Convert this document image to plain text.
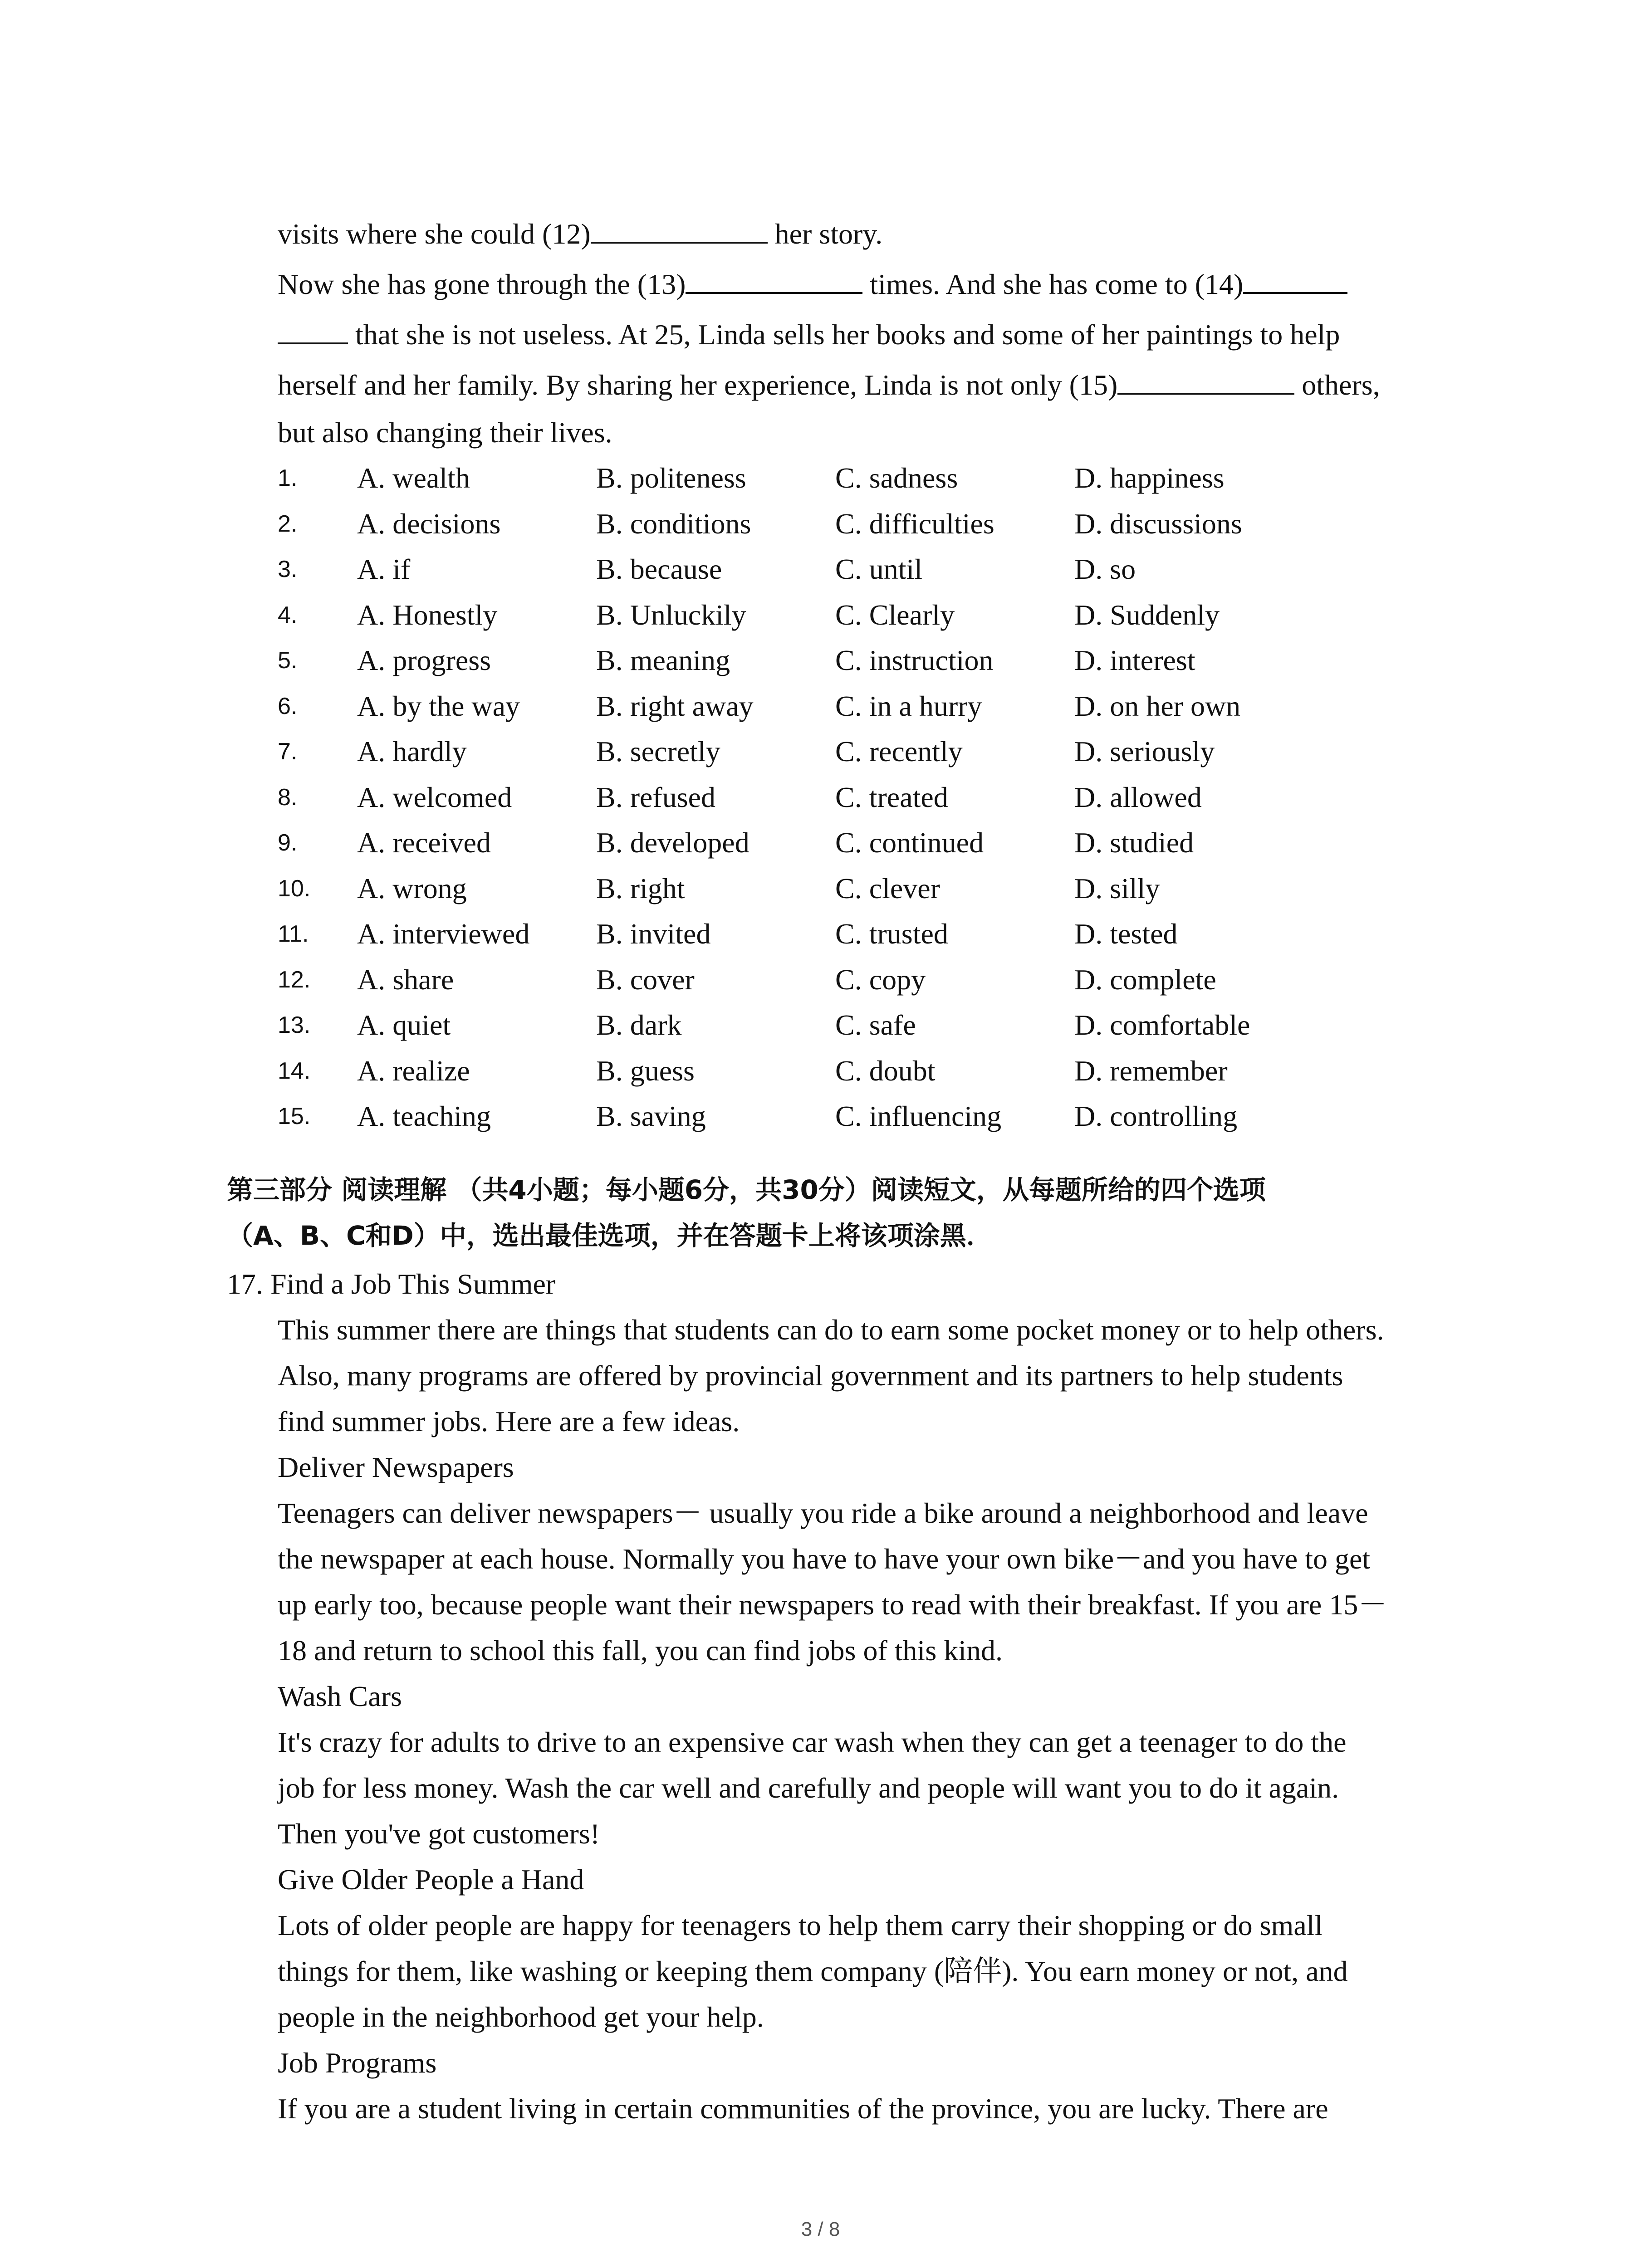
visits where she could (12)	her story.
Now she has gone through the (13)	times. And she has come to (14)
that she is not useless. At 25, Linda sells her books and some of her paintings to help
herself and her family. By sharing her experience, Linda is not only (15)	others,
but also changing their lives.
1.	A. wealth	B. politeness	C. sadness	D. happiness
2.	A. decisions	B. conditions	C. difficulties	D. discussions
3.	A. if	B. because	C. until	D. so
4.	A. Honestly	B. Unluckily	C. Clearly	D. Suddenly
5.	A. progress	B. meaning	C. instruction	D. interest
6.	A. by the way	B. right away	C. in a hurry	D. on her own
7.	A. hardly	B. secretly	C. recently	D. seriously
8.	A. welcomed	B. refused	C. treated	D. allowed
9.	A. received	B. developed	C. continued	D. studied
10.	A. wrong	B. right	C. clever	D. silly
11.	A. interviewed	B. invited	C. trusted	D. tested
12.	A. share	B. cover	C. copy	D. complete
13.	A. quiet	B. dark	C. safe	D. comfortable
14.	A. realize	B. guess	C. doubt	D. remember
15.	A. teaching	B. saving	C. influencing	D. controlling
第三部分 阅读理解 （共4小题；每小题6分，共30分）阅读短文，从每题所给的四个选项
（A、B、C和D）中，选出最佳选项，并在答题卡上将该项涂黑．
17. Find a Job This Summer
This summer there are things that students can do to earn some pocket money or to help others.
Also, many programs are offered by provincial government and its partners to help students
find summer jobs. Here are a few ideas.
Deliver Newspapers
Teenagers can deliver newspapers－ usually you ride a bike around a neighborhood and leave
the newspaper at each house. Normally you have to have your own bike－and you have to get
up early too, because people want their newspapers to read with their breakfast. If you are 15－
18 and return to school this fall, you can find jobs of this kind.
Wash Cars
It's crazy for adults to drive to an expensive car wash when they can get a teenager to do the
job for less money. Wash the car well and carefully and people will want you to do it again.
Then you've got customers!
Give Older People a Hand
Lots of older people are happy for teenagers to help them carry their shopping or do small
things for them, like washing or keeping them company (陪伴). You earn money or not, and
people in the neighborhood get your help.
Job Programs
If you are a student living in certain communities of the province, you are lucky. There are
3 / 8
